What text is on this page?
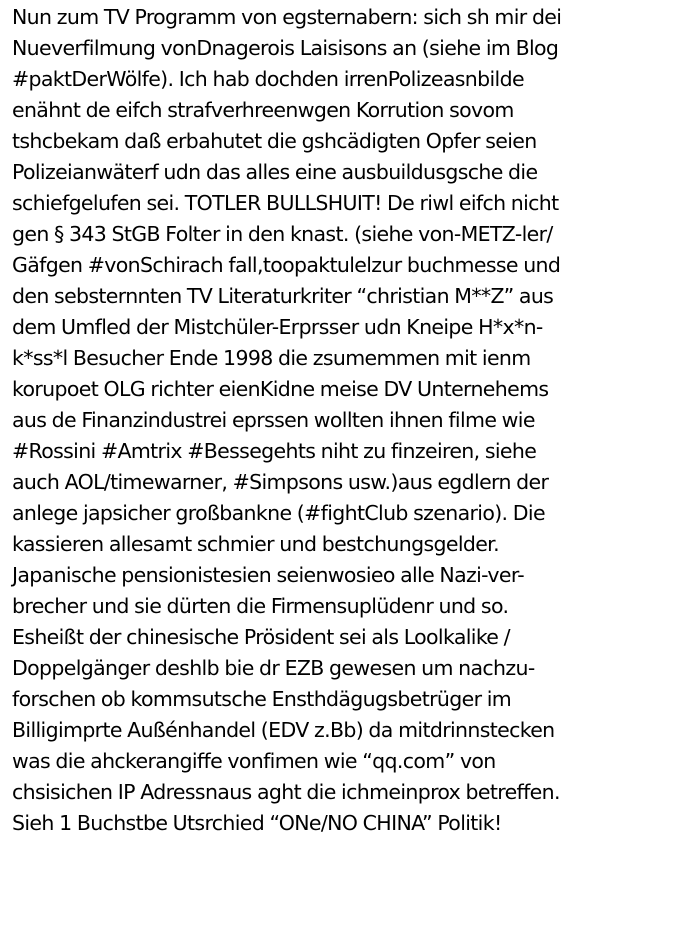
Nun zum TV Programm von egsternabern: sich sh mir dei
Nueverfilmung vonDnagerois Laisisons an (siehe im Blog
#paktDerWölfe). Ich hab dochden irrenPolizeasnbilde
enähnt de eifch strafverhreenwgen Korrution sovom
tshcbekam daß erbahutet die gshcädigten Opfer seien
Polizeianwäterf udn das alles eine ausbuildusgsche die
schiefgelufen sei. TOTLER BULLSHUIT! De riwl eifch nicht
gen § 343 StGB Folter in den knast. (siehe von-METZ-ler/
Gäfgen #vonSchirach fall,toopaktulelzur buchmesse und
den sebsternnten TV Literaturkriter “christian M**Z” aus
dem Umfled der Mistchüler-Erprsser udn Kneipe H*x*n-
k*ss*l Besucher Ende 1998 die zsumemmen mit ienm
korupoet OLG richter eienKidne meise DV Unternehems
aus de Finanzindustrei eprssen wollten ihnen filme wie
#Rossini #Amtrix #Bessegehts niht zu finzeiren, siehe
auch AOL/timewarner, #Simpsons usw.)aus egdlern der
anlege japsicher großbankne (#fightClub szenario). Die
kassieren allesamt schmier und bestchungsgelder.
Japanische pensionistesien seienwosieo alle Nazi-ver-
brecher und sie dürten die Firmensuplüdenr und so.
Esheißt der chinesische Prösident sei als Loolkalike /
Doppelgänger deshlb bie dr EZB gewesen um nachzu-
forschen ob kommsutsche Ensthdägugsbetrüger im
Billigimprte Außénhandel (EDV z.Bb) da mitdrinnstecken
was die ahckerangiffe vonfimen wie “qq.com” von
chsisichen IP Adressnaus aght die ichmeinprox betreffen.
Sieh 1 Buchstbe Utsrchied “ONe/NO CHINA” Politik!
